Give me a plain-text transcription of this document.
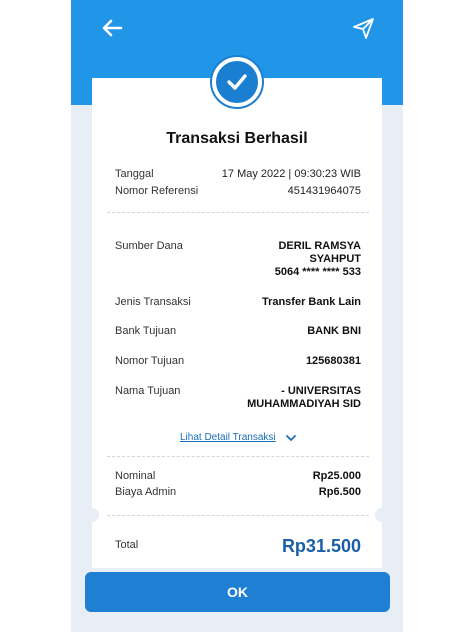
Transaksi Berhasil
Tanggal	17 May 2022 | 09:30:23 WIB
Nomor Referensi	451431964075
Sumber Dana	DERIL RAMSYA
SYAHPUT
5064 **** **** 533
Jenis Transaksi	Transfer Bank Lain
Bank Tujuan	BANK BNI
Nomor Tujuan	125680381
Nama Tujuan	- UNIVERSITAS
MUHAMMADIYAH SID
Lihat Detail Transaksi
Nominal	Rp25.000
Biaya Admin	Rp6.500
Total	Rp31.500
OK
